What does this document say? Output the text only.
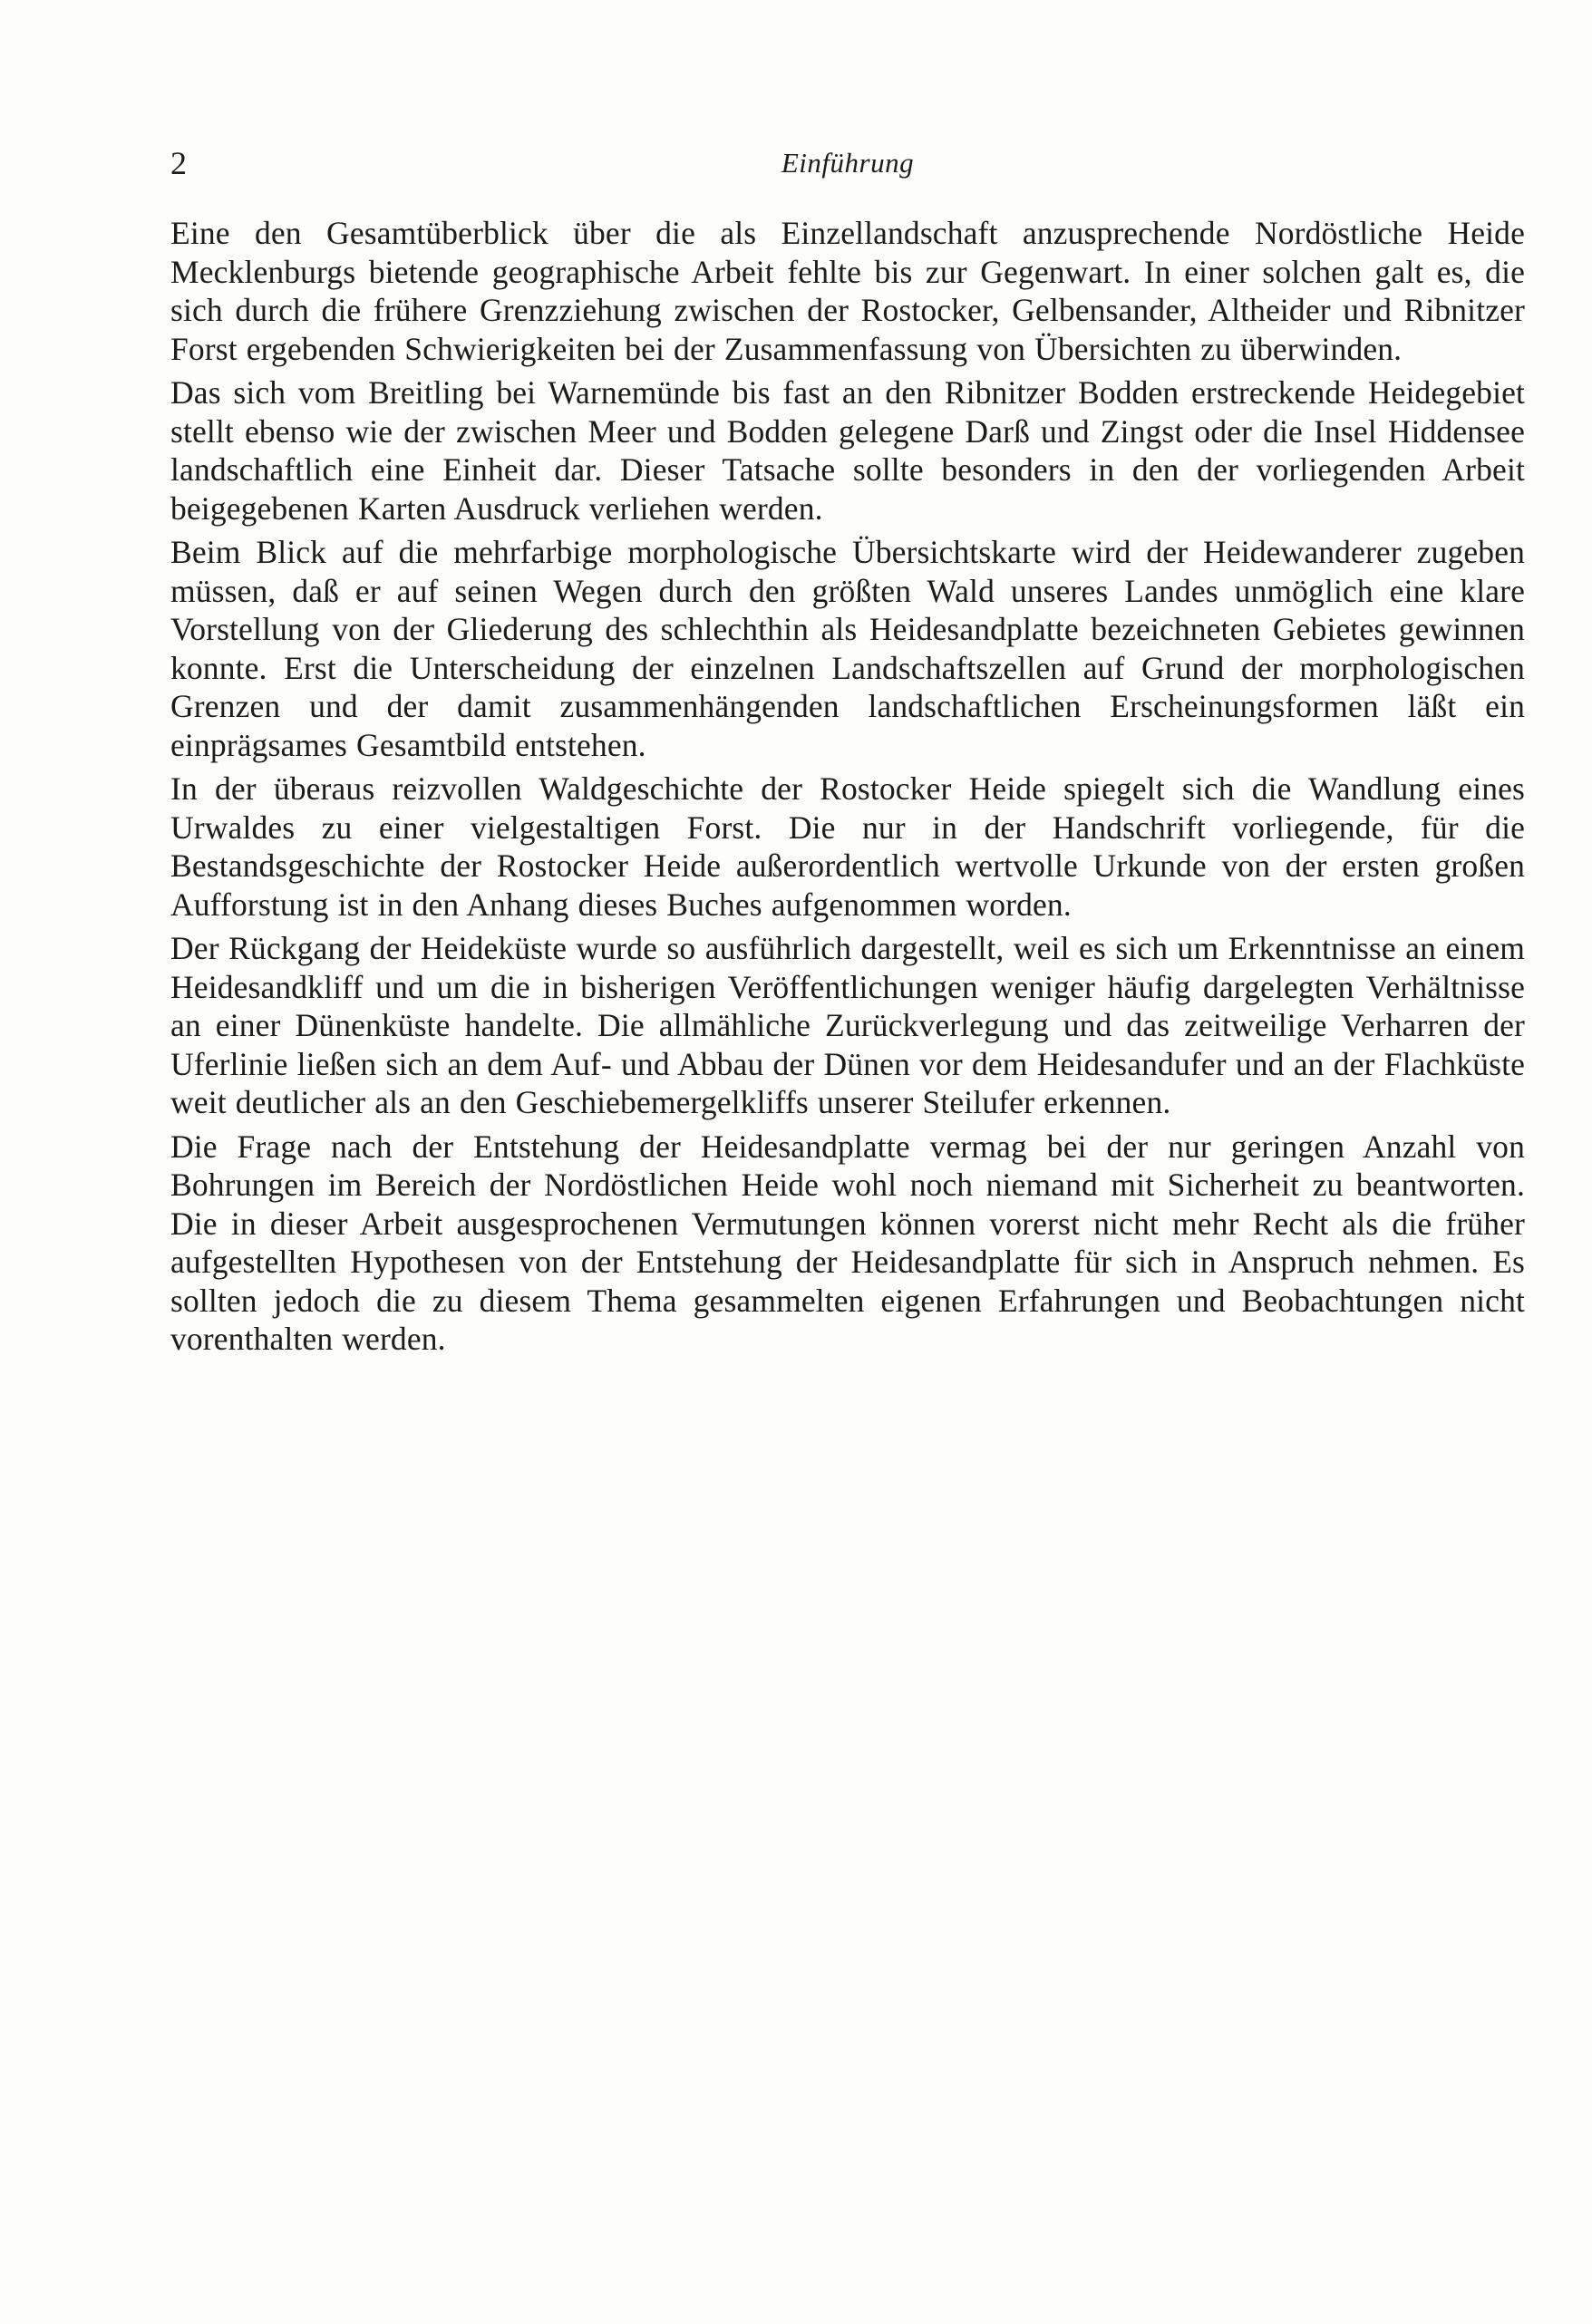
2	Einführung

Eine den Gesamtüberblick über die als Einzellandschaft anzusprechende Nordöstliche Heide Mecklenburgs bietende geographische Arbeit fehlte bis zur Gegenwart. In einer solchen galt es, die sich durch die frühere Grenzziehung zwischen der Rostocker, Gelbensander, Altheider und Ribnitzer Forst ergebenden Schwierigkeiten bei der Zusammenfassung von Übersichten zu überwinden.

Das sich vom Breitling bei Warnemünde bis fast an den Ribnitzer Bodden erstreckende Heidegebiet stellt ebenso wie der zwischen Meer und Bodden gelegene Darß und Zingst oder die Insel Hiddensee landschaftlich eine Einheit dar. Dieser Tatsache sollte besonders in den der vorliegenden Arbeit beigegebenen Karten Ausdruck verliehen werden.

Beim Blick auf die mehrfarbige morphologische Übersichtskarte wird der Heidewanderer zugeben müssen, daß er auf seinen Wegen durch den größten Wald unseres Landes unmöglich eine klare Vorstellung von der Gliederung des schlechthin als Heidesandplatte bezeichneten Gebietes gewinnen konnte. Erst die Unterscheidung der einzelnen Landschaftszellen auf Grund der morphologischen Grenzen und der damit zusammenhängenden landschaftlichen Erscheinungsformen läßt ein einprägsames Gesamtbild entstehen.

In der überaus reizvollen Waldgeschichte der Rostocker Heide spiegelt sich die Wandlung eines Urwaldes zu einer vielgestaltigen Forst. Die nur in der Handschrift vorliegende, für die Bestandsgeschichte der Rostocker Heide außerordentlich wertvolle Urkunde von der ersten großen Aufforstung ist in den Anhang dieses Buches aufgenommen worden.

Der Rückgang der Heideküste wurde so ausführlich dargestellt, weil es sich um Erkenntnisse an einem Heidesandkliff und um die in bisherigen Veröffentlichungen weniger häufig dargelegten Verhältnisse an einer Dünenküste handelte. Die allmähliche Zurückverlegung und das zeitweilige Verharren der Uferlinie ließen sich an dem Auf- und Abbau der Dünen vor dem Heidesandufer und an der Flachküste weit deutlicher als an den Geschiebemergelkliffs unserer Steilufer erkennen.

Die Frage nach der Entstehung der Heidesandplatte vermag bei der nur geringen Anzahl von Bohrungen im Bereich der Nordöstlichen Heide wohl noch niemand mit Sicherheit zu beantworten. Die in dieser Arbeit ausgesprochenen Vermutungen können vorerst nicht mehr Recht als die früher aufgestellten Hypothesen von der Entstehung der Heidesandplatte für sich in Anspruch nehmen. Es sollten jedoch die zu diesem Thema gesammelten eigenen Erfahrungen und Beobachtungen nicht vorenthalten werden.
